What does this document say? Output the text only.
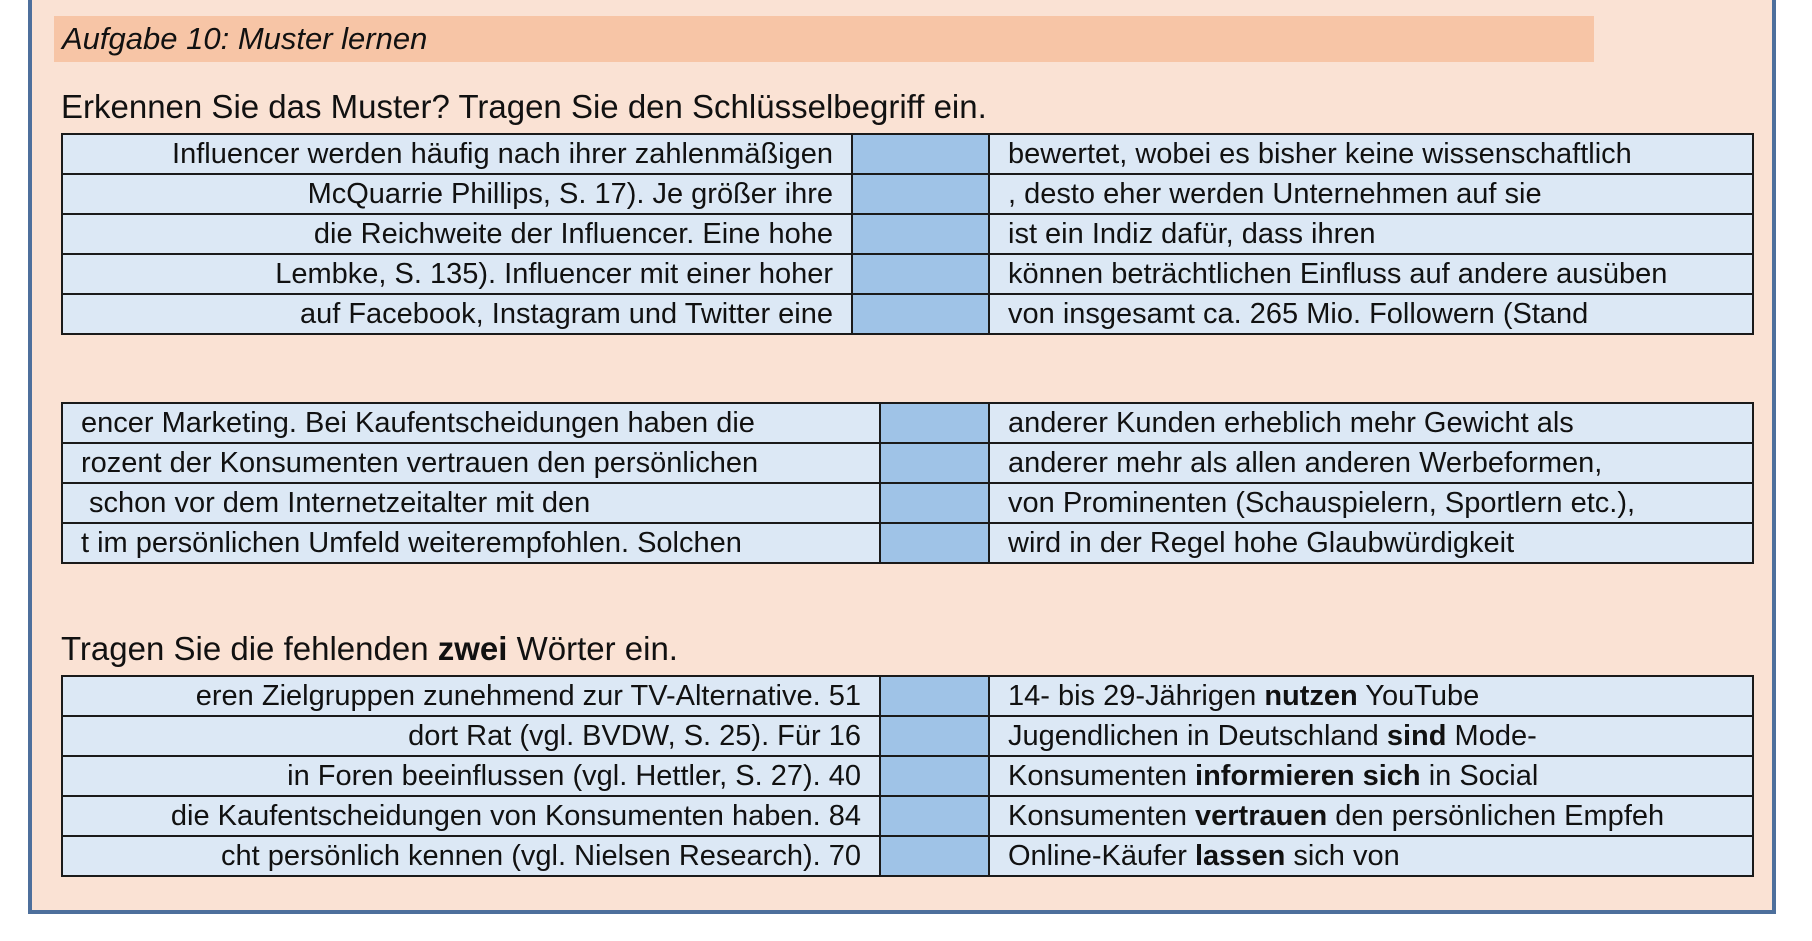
Aufgabe 10: Muster lernen
Erkennen Sie das Muster? Tragen Sie den Schlüsselbegriff ein.
Influencer werden häufig nach ihrer zahlenmäßigen		bewertet, wobei es bisher keine wissenschaftlich
McQuarrie Phillips, S. 17). Je größer ihre		, desto eher werden Unternehmen auf sie
die Reichweite der Influencer. Eine hohe		ist ein Indiz dafür, dass ihren
Lembke, S. 135). Influencer mit einer hoher		können beträchtlichen Einfluss auf andere ausüben
auf Facebook, Instagram und Twitter eine		von insgesamt ca. 265 Mio. Followern (Stand
encer Marketing. Bei Kaufentscheidungen haben die		anderer Kunden erheblich mehr Gewicht als
rozent der Konsumenten vertrauen den persönlichen		anderer mehr als allen anderen Werbeformen,
schon vor dem Internetzeitalter mit den		von Prominenten (Schauspielern, Sportlern etc.),
t im persönlichen Umfeld weiterempfohlen. Solchen		wird in der Regel hohe Glaubwürdigkeit
Tragen Sie die fehlenden zwei Wörter ein.
eren Zielgruppen zunehmend zur TV-Alternative. 51		14- bis 29-Jährigen nutzen YouTube
dort Rat (vgl. BVDW, S. 25). Für 16		Jugendlichen in Deutschland sind Mode-
in Foren beeinflussen (vgl. Hettler, S. 27). 40		Konsumenten informieren sich in Social
die Kaufentscheidungen von Konsumenten haben. 84		Konsumenten vertrauen den persönlichen Empfeh
cht persönlich kennen (vgl. Nielsen Research). 70		Online-Käufer lassen sich von
